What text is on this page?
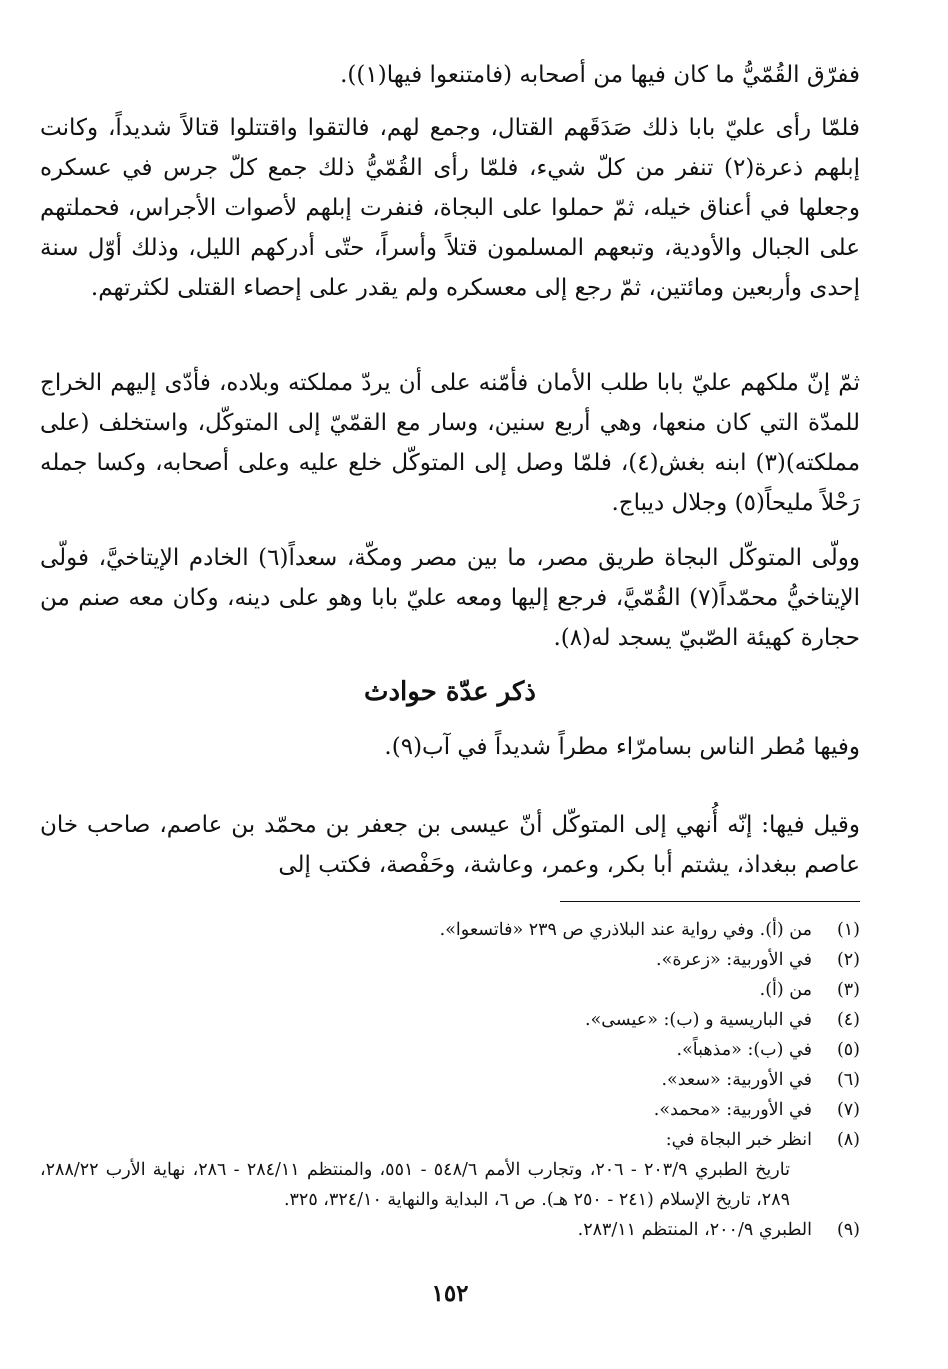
ففرّق القُمّيُّ ما كان فيها من أصحابه (فامتنعوا فيها(١)).

فلمّا رأى عليّ بابا ذلك صَدَقَهم القتال، وجمع لهم، فالتقوا واقتتلوا قتالاً شديداً، وكانت إبلهم ذعرة(٢) تنفر من كلّ شيء، فلمّا رأى القُمّيُّ ذلك جمع كلّ جرس في عسكره وجعلها في أعناق خيله، ثمّ حملوا على البجاة، فنفرت إبلهم لأصوات الأجراس، فحملتهم على الجبال والأودية، وتبعهم المسلمون قتلاً وأسراً، حتّى أدركهم الليل، وذلك أوّل سنة إحدى وأربعين ومائتين، ثمّ رجع إلى معسكره ولم يقدر على إحصاء القتلى لكثرتهم.

ثمّ إنّ ملكهم عليّ بابا طلب الأمان فأمّنه على أن يردّ مملكته وبلاده، فأدّى إليهم الخراج للمدّة التي كان منعها، وهي أربع سنين، وسار مع القمّيّ إلى المتوكّل، واستخلف (على مملكته)(٣) ابنه بغش(٤)، فلمّا وصل إلى المتوكّل خلع عليه وعلى أصحابه، وكسا جمله رَحْلاً مليحاً(٥) وجلال ديباج.

وولّى المتوكّل البجاة طريق مصر، ما بين مصر ومكّة، سعداً(٦) الخادم الإيتاخيَّ، فولّى الإيتاخيُّ محمّداً(٧) القُمّيَّ، فرجع إليها ومعه عليّ بابا وهو على دينه، وكان معه صنم من حجارة كهيئة الصّبيّ يسجد له(٨).

ذكر عدّة حوادث

وفيها مُطر الناس بسامرّاء مطراً شديداً في آب(٩).

وقيل فيها: إنّه أُنهي إلى المتوكّل أنّ عيسى بن جعفر بن محمّد بن عاصم، صاحب خان عاصم ببغداذ، يشتم أبا بكر، وعمر، وعاشة، وحَفْصة، فكتب إلى

(١)
من (أ). وفي رواية عند البلاذري ص ٢٣٩ «فاتسعوا».
(٢)
في الأوربية: «زعرة».
(٣)
من (أ).
(٤)
في الباريسية و (ب): «عيسى».
(٥)
في (ب): «مذهباً».
(٦)
في الأوربية: «سعد».
(٧)
في الأوربية: «محمد».
(٨)
انظر خبر البجاة في:
تاريخ الطبري ٢٠٣/٩ - ٢٠٦، وتجارب الأمم ٥٤٨/٦ - ٥٥١، والمنتظم ٢٨٤/١١ - ٢٨٦، نهاية الأرب ٢٨٨/٢٢، ٢٨٩، تاريخ الإسلام (٢٤١ - ٢٥٠ هـ). ص ٦، البداية والنهاية ٣٢٤/١٠، ٣٢٥.
(٩)
الطبري ٢٠٠/٩، المنتظم ٢٨٣/١١.
١٥٢
